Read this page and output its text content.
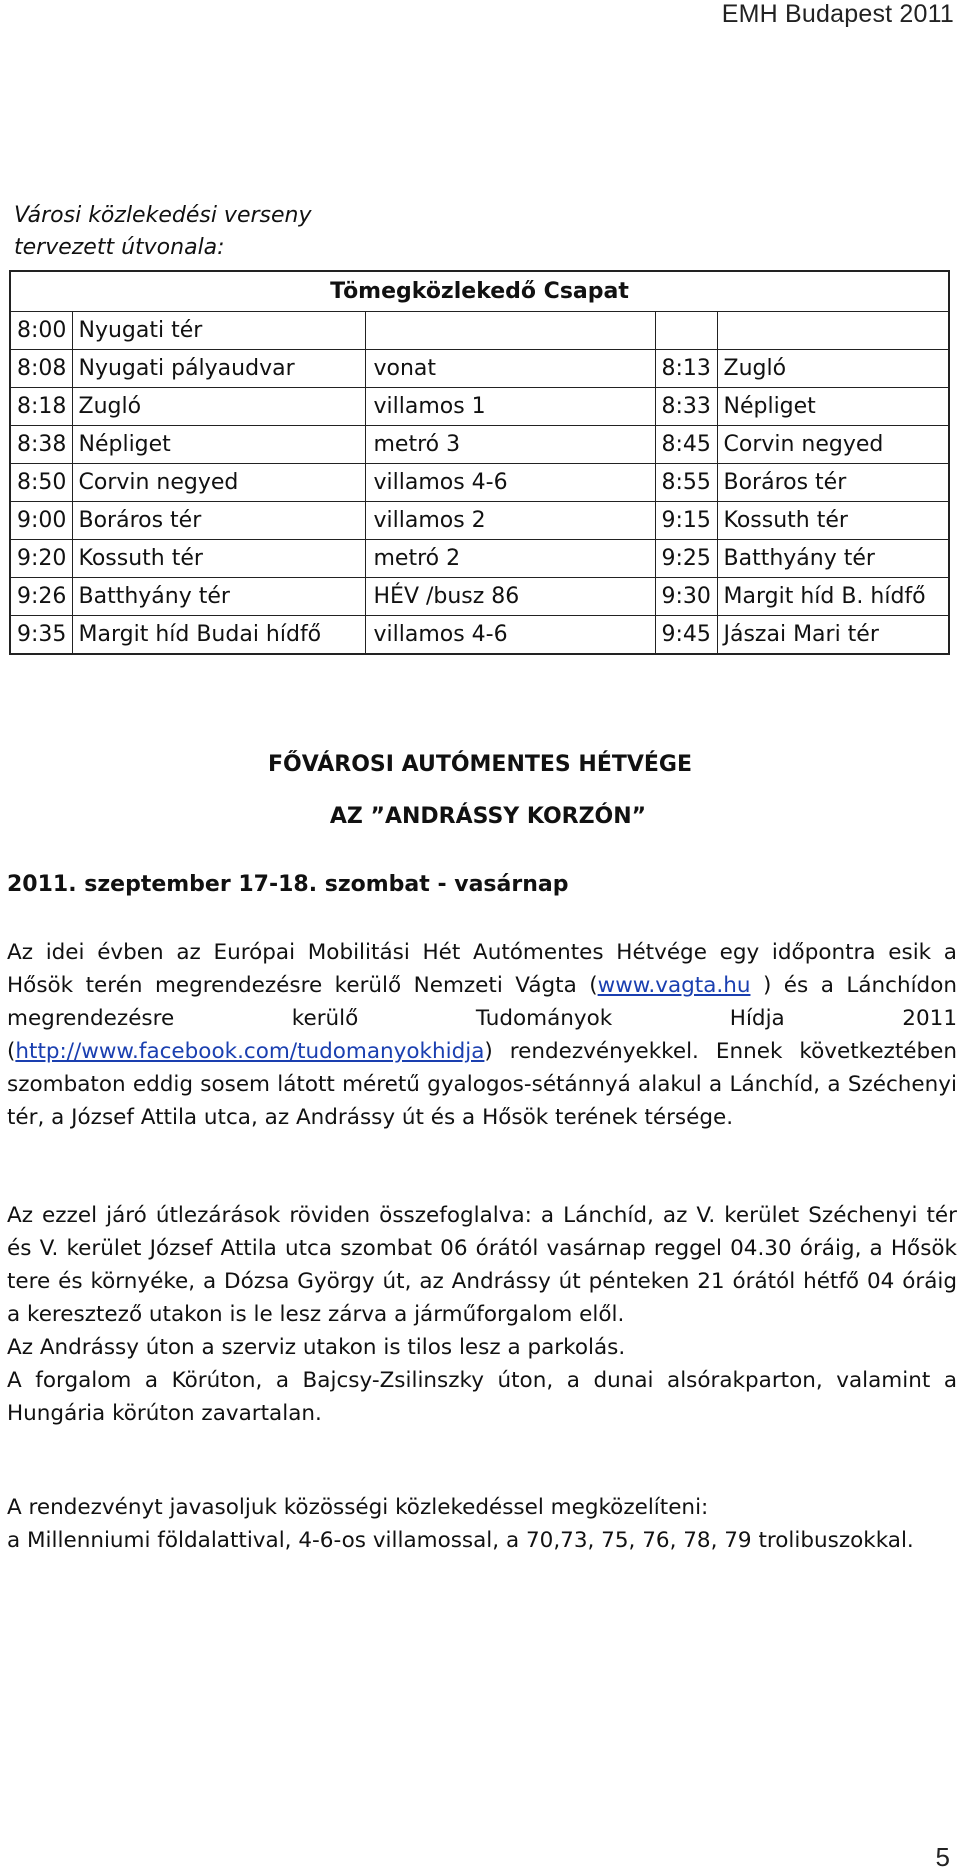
EMH Budapest 2011
Városi közlekedési verseny
tervezett útvonala:
Tömegközlekedő Csapat				
8:00	Nyugati tér			
8:08	Nyugati pályaudvar	vonat	8:13	Zugló
8:18	Zugló	villamos 1	8:33	Népliget
8:38	Népliget	metró 3	8:45	Corvin negyed
8:50	Corvin negyed	villamos 4-6	8:55	Boráros tér
9:00	Boráros tér	villamos 2	9:15	Kossuth tér
9:20	Kossuth tér	metró 2	9:25	Batthyány tér
9:26	Batthyány tér	HÉV /busz 86	9:30	Margit híd B. hídfő
9:35	Margit híd Budai hídfő	villamos 4-6	9:45	Jászai Mari tér
FŐVÁROSI AUTÓMENTES HÉTVÉGE
AZ ”ANDRÁSSY KORZÓN”
2011. szeptember 17-18. szombat - vasárnap
Az idei évben az Európai Mobilitási Hét Autómentes Hétvége egy időpontra esik a Hősök terén megrendezésre kerülő Nemzeti Vágta (www.vagta.hu ) és a Lánchídon megrendezésre kerülő Tudományok Hídja 2011 (http://www.facebook.com/tudomanyokhidja) rendezvényekkel. Ennek következtében szombaton eddig sosem látott méretű gyalogos-sétánnyá alakul a Lánchíd, a Széchenyi tér, a József Attila utca, az Andrássy út és a Hősök terének térsége.
Az ezzel járó útlezárások röviden összefoglalva: a Lánchíd, az V. kerület Széchenyi tér és V. kerület József Attila utca szombat 06 órától vasárnap reggel 04.30 óráig, a Hősök tere és környéke, a Dózsa György út, az Andrássy út pénteken 21 órától hétfő 04 óráig a keresztező utakon is le lesz zárva a járműforgalom elől.
Az Andrássy úton a szerviz utakon is tilos lesz a parkolás.
A forgalom a Körúton, a Bajcsy-Zsilinszky úton, a dunai alsórakparton, valamint a Hungária körúton zavartalan.
A rendezvényt javasoljuk közösségi közlekedéssel megközelíteni:
a Millenniumi földalattival, 4-6-os villamossal, a 70,73, 75, 76, 78, 79 trolibuszokkal.
5
